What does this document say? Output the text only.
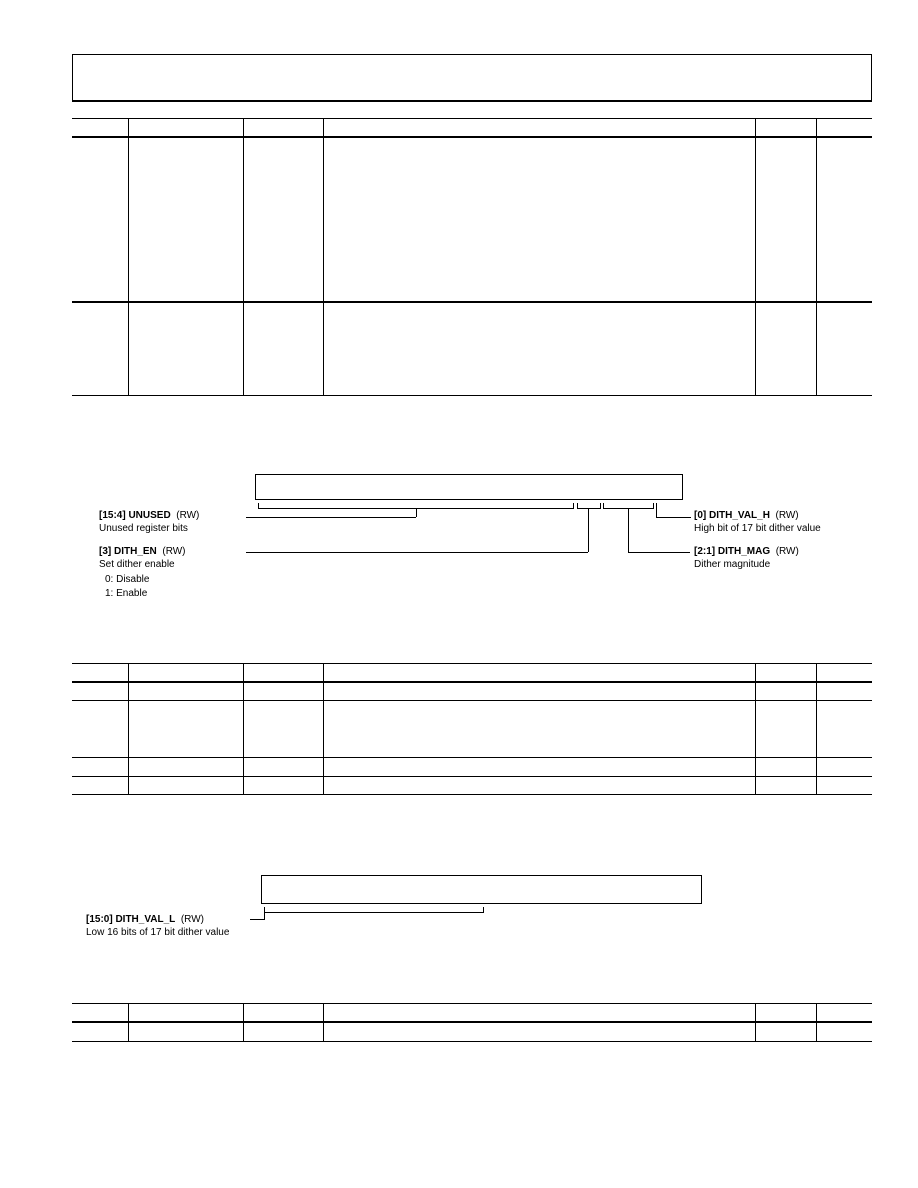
[15:4] UNUSED (RW)
Unused register bits
[3] DITH_EN (RW)
Set dither enable
0: Disable
1: Enable
[0] DITH_VAL_H (RW)
High bit of 17 bit dither value
[2:1] DITH_MAG (RW)
Dither magnitude
[15:0] DITH_VAL_L (RW)
Low 16 bits of 17 bit dither value
